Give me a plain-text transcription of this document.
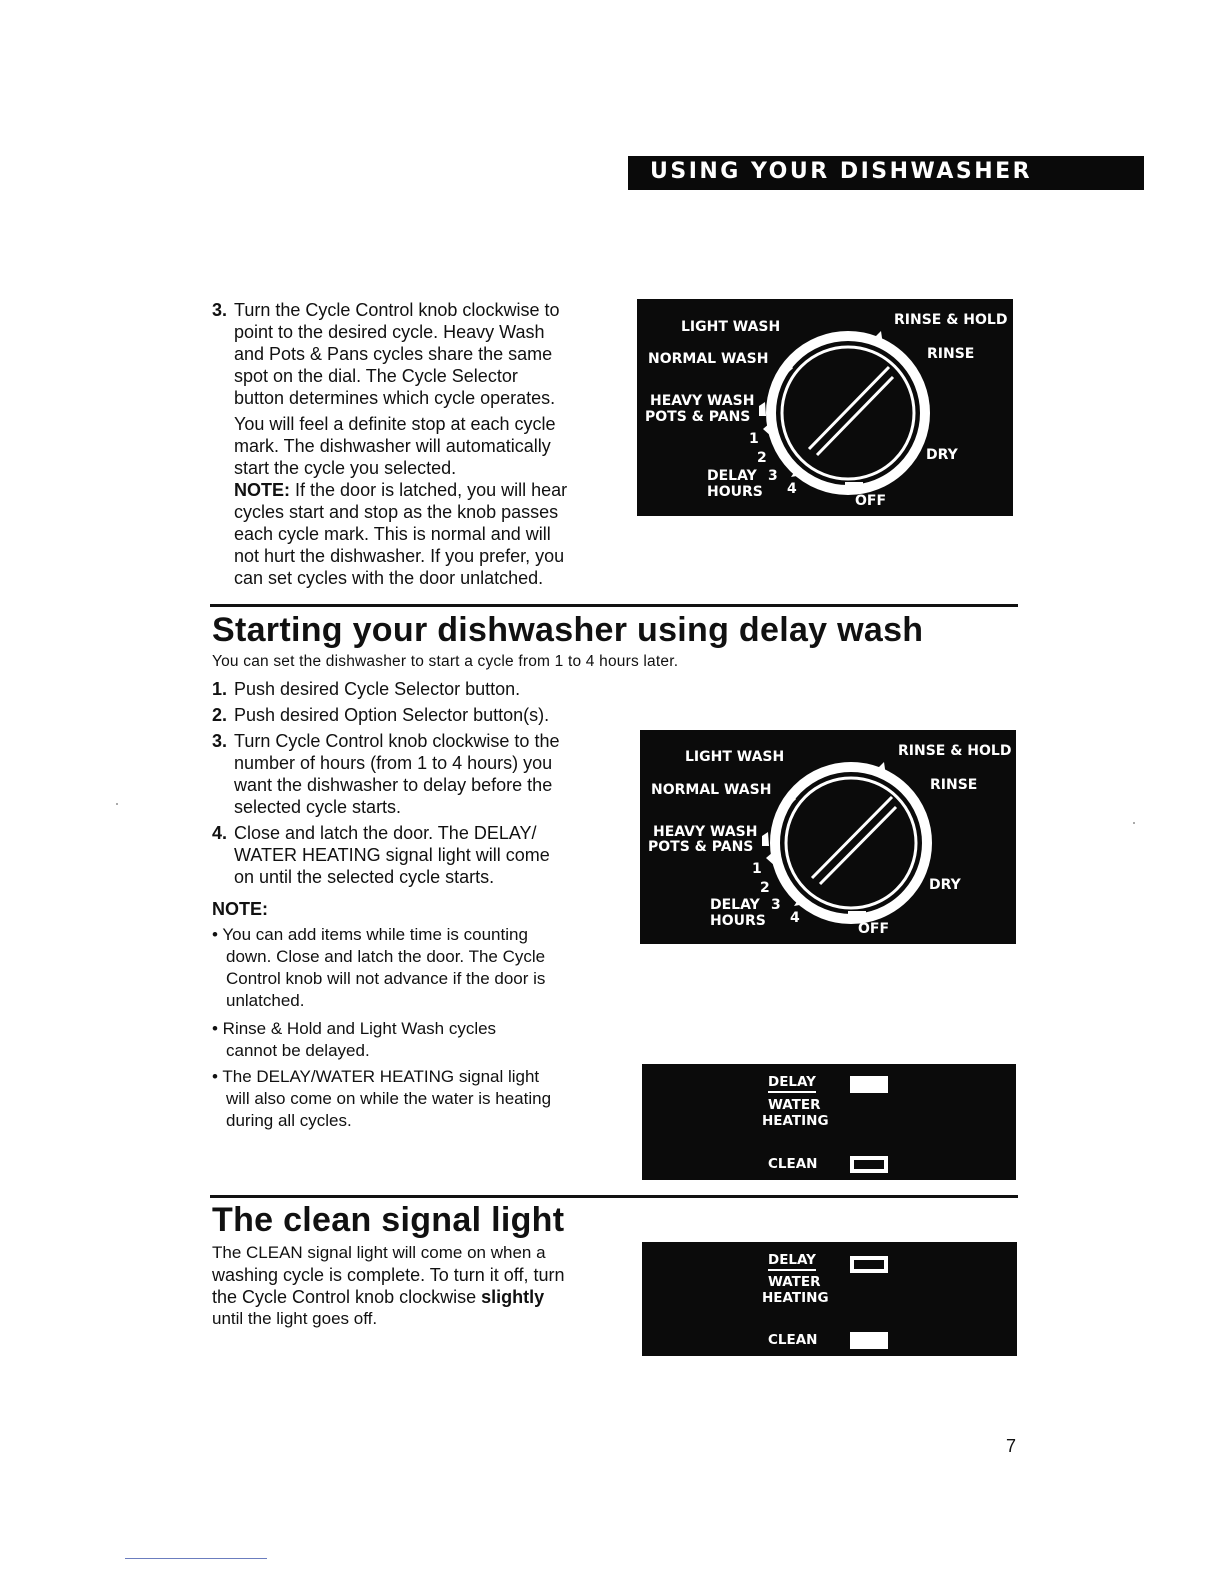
USING YOUR DISHWASHER
3. Turn the Cycle Control knob clockwise to
point to the desired cycle. Heavy Wash
and Pots & Pans cycles share the same
spot on the dial. The Cycle Selector
button determines which cycle operates.
You will feel a definite stop at each cycle
mark. The dishwasher will automatically
start the cycle you selected.
NOTE: If the door is latched, you will hear
cycles start and stop as the knob passes
each cycle mark. This is normal and will
not hurt the dishwasher. If you prefer, you
can set cycles with the door unlatched.
LIGHT WASH
NORMAL WASH
HEAVY WASH
POTS & PANS
1
2
DELAY 3
HOURS 4
RINSE & HOLD
RINSE
DRY
OFF
Starting your dishwasher using delay wash
You can set the dishwasher to start a cycle from 1 to 4 hours later.
1. Push desired Cycle Selector button.
2. Push desired Option Selector button(s).
3. Turn Cycle Control knob clockwise to the
number of hours (from 1 to 4 hours) you
want the dishwasher to delay before the
selected cycle starts.
4. Close and latch the door. The DELAY/
WATER HEATING signal light will come
on until the selected cycle starts.
NOTE:
• You can add items while time is counting
down. Close and latch the door. The Cycle
Control knob will not advance if the door is
unlatched.
• Rinse & Hold and Light Wash cycles
cannot be delayed.
• The DELAY/WATER HEATING signal light
will also come on while the water is heating
during all cycles.
LIGHT WASH
NORMAL WASH
HEAVY WASH
POTS & PANS
1
2
DELAY 3
HOURS 4
RINSE & HOLD
RINSE
DRY
OFF
DELAY
WATER
HEATING
CLEAN
The clean signal light
The CLEAN signal light will come on when a
washing cycle is complete. To turn it off, turn
the Cycle Control knob clockwise slightly
until the light goes off.
DELAY
WATER
HEATING
CLEAN
7
